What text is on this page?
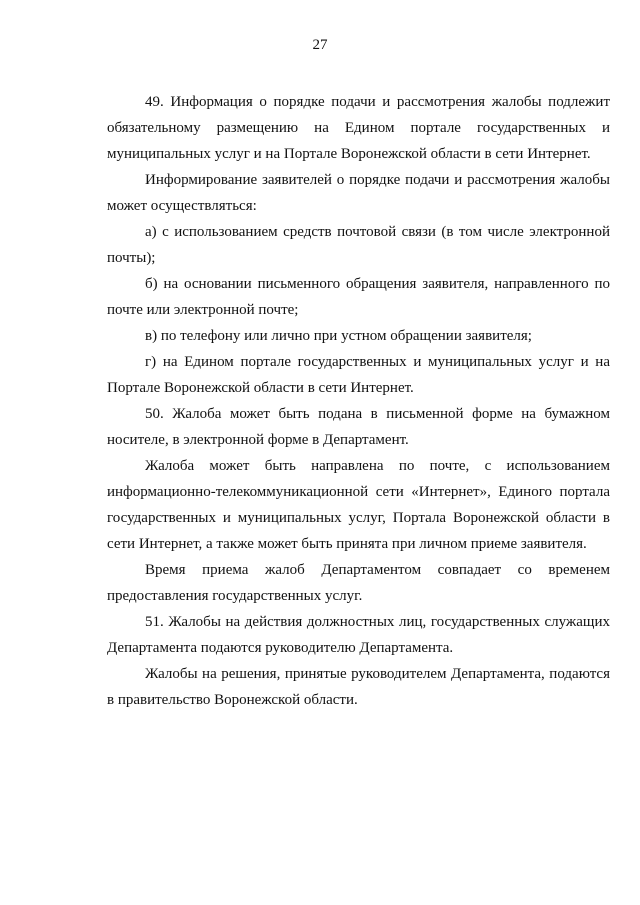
27

49. Информация о порядке подачи и рассмотрения жалобы подлежит обязательному размещению на Едином портале государственных и муниципальных услуг и на Портале Воронежской области в сети Интернет.

Информирование заявителей о порядке подачи и рассмотрения жалобы может осуществляться:

а) с использованием средств почтовой связи (в том числе электронной почты);

б) на основании письменного обращения заявителя, направленного по почте или электронной почте;

в) по телефону или лично при устном обращении заявителя;

г) на Едином портале государственных и муниципальных услуг и на Портале Воронежской области в сети Интернет.

50. Жалоба может быть подана в письменной форме на бумажном носителе, в электронной форме в Департамент.

Жалоба может быть направлена по почте, с использованием информационно-телекоммуникационной сети «Интернет», Единого портала государственных и муниципальных услуг, Портала Воронежской области в сети Интернет, а также может быть принята при личном приеме заявителя.

Время приема жалоб Департаментом совпадает со временем предоставления государственных услуг.

51. Жалобы на действия должностных лиц, государственных служащих Департамента подаются руководителю Департамента.

Жалобы на решения, принятые руководителем Департамента, подаются в правительство Воронежской области.
